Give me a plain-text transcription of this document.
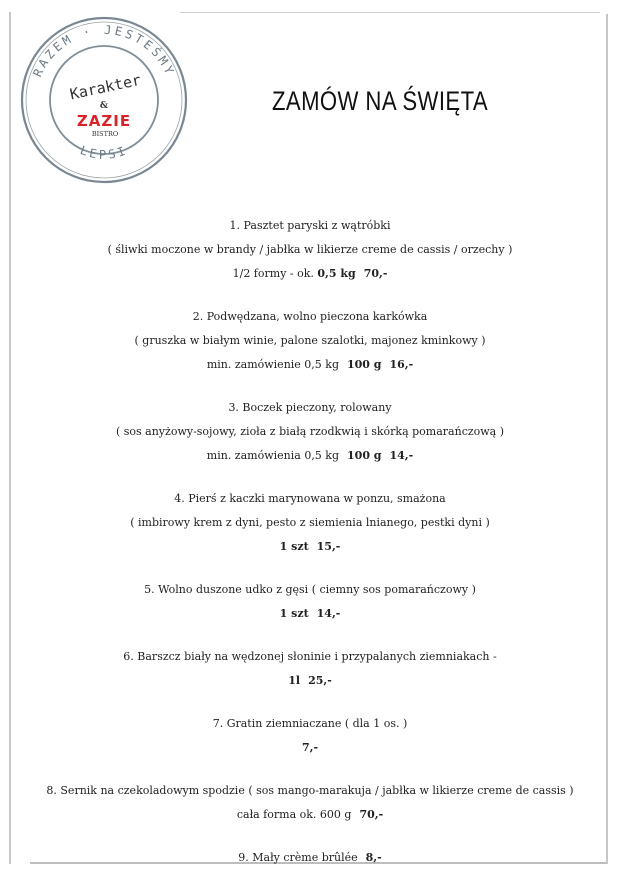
RAZEM · JESTEŚMY
LEPSI
Karakter
&
ZAZIE
BISTRO
ZAMÓW NA ŚWIĘTA
1. Pasztet paryski z wątróbki
( śliwki moczone w brandy / jabłka w likierze creme de cassis / orzechy )
1/2 formy - ok. 0,5 kg 70,-
2. Podwędzana, wolno pieczona karkówka
( gruszka w białym winie, palone szalotki, majonez kminkowy )
min. zamówienie 0,5 kg 100 g 16,-
3. Boczek pieczony, rolowany
( sos anyżowy-sojowy, zioła z białą rzodkwią i skórką pomarańczową )
min. zamówienia 0,5 kg 100 g 14,-
4. Pierś z kaczki marynowana w ponzu, smażona
( imbirowy krem z dyni, pesto z siemienia lnianego, pestki dyni )
1 szt 15,-
5. Wolno duszone udko z gęsi ( ciemny sos pomarańczowy )
1 szt 14,-
6. Barszcz biały na wędzonej słoninie i przypalanych ziemniakach -
1l 25,-
7. Gratin ziemniaczane ( dla 1 os. )
7,-
8. Sernik na czekoladowym spodzie ( sos mango-marakuja / jabłka w likierze creme de cassis )
cała forma ok. 600 g 70,-
9. Mały crème brûlée 8,-
